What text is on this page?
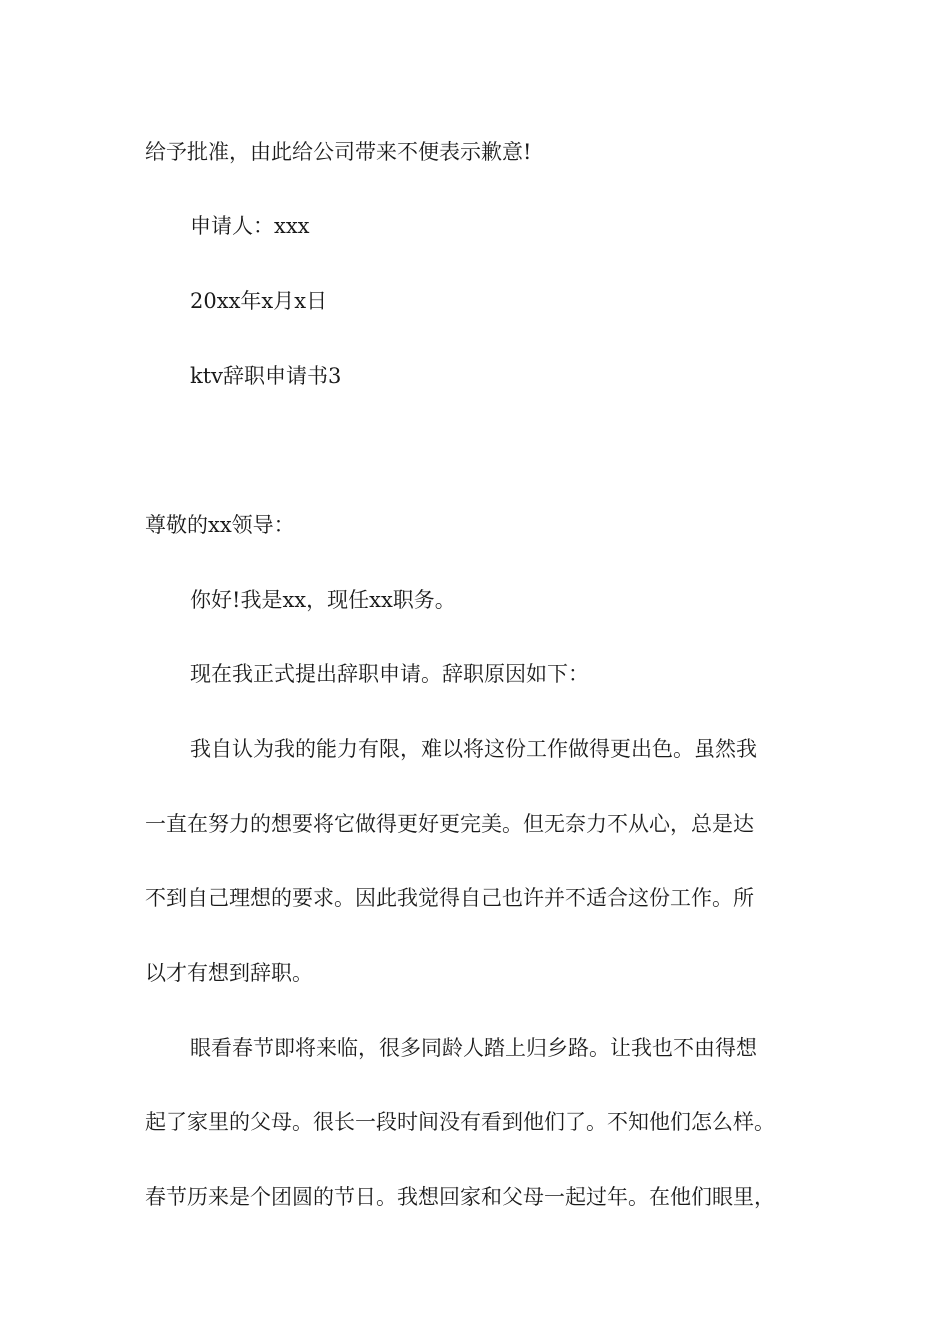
给予批准，由此给公司带来不便表示歉意!

申请人：xxx

20xx年x月x日

ktv辞职申请书3

尊敬的xx领导：

你好!我是xx，现任xx职务。

现在我正式提出辞职申请。辞职原因如下：

我自认为我的能力有限，难以将这份工作做得更出色。虽然我

一直在努力的想要将它做得更好更完美。但无奈力不从心，总是达

不到自己理想的要求。因此我觉得自己也许并不适合这份工作。所

以才有想到辞职。

眼看春节即将来临，很多同龄人踏上归乡路。让我也不由得想

起了家里的父母。很长一段时间没有看到他们了。不知他们怎么样。

春节历来是个团圆的节日。我想回家和父母一起过年。在他们眼里，
